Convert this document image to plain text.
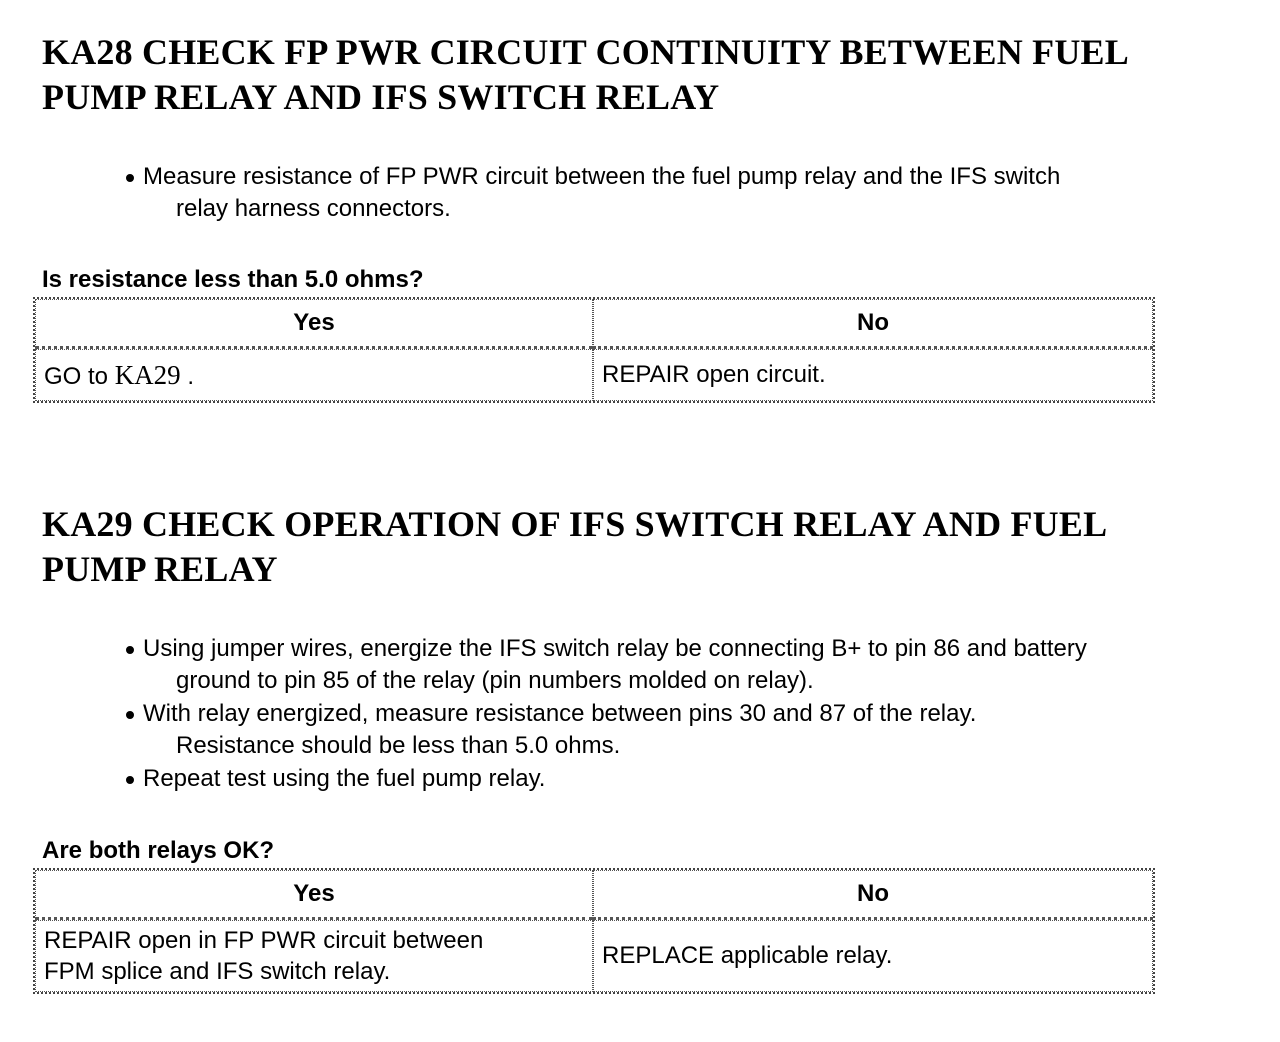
KA28 CHECK FP PWR CIRCUIT CONTINUITY BETWEEN FUEL
PUMP RELAY AND IFS SWITCH RELAY
Measure resistance of FP PWR circuit between the fuel pump relay and the IFS switch
relay harness connectors.

Is resistance less than 5.0 ohms?

Yes	No
GO to KA29 .	REPAIR open circuit.
KA29 CHECK OPERATION OF IFS SWITCH RELAY AND FUEL
PUMP RELAY
Using jumper wires, energize the IFS switch relay be connecting B+ to pin 86 and battery
ground to pin 85 of the relay (pin numbers molded on relay).
With relay energized, measure resistance between pins 30 and 87 of the relay.
Resistance should be less than 5.0 ohms.
Repeat test using the fuel pump relay.

Are both relays OK?

Yes	No
REPAIR open in FP PWR circuit between
FPM splice and IFS switch relay.	REPLACE applicable relay.
